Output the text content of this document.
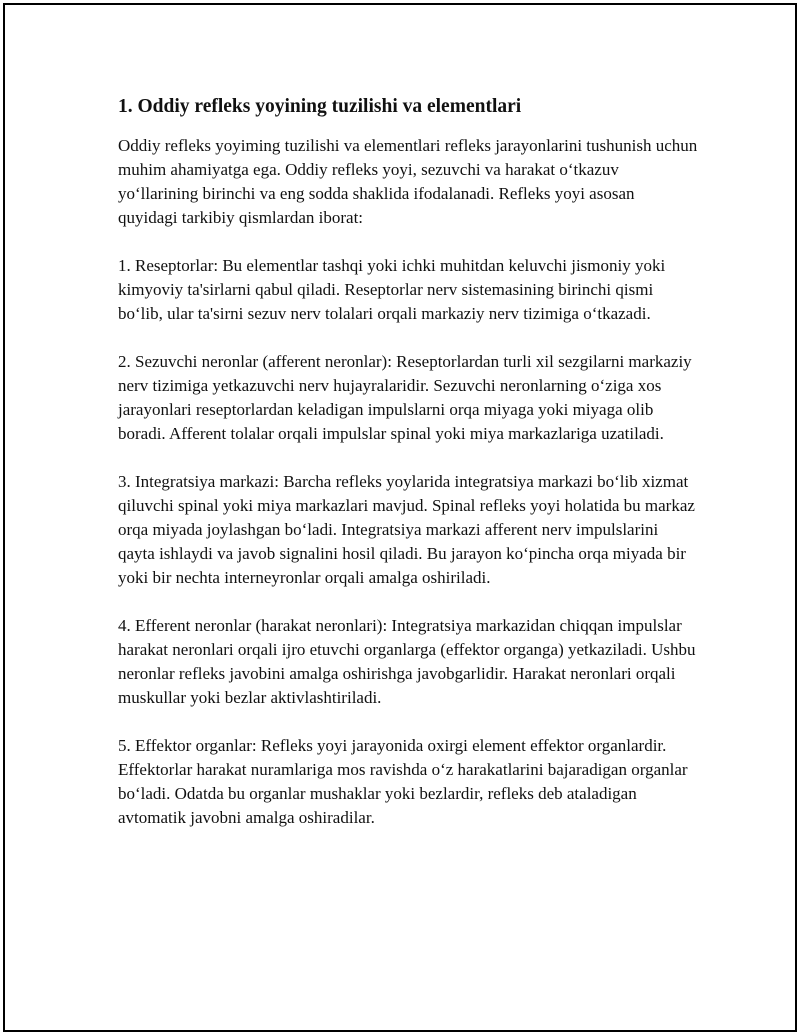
1. Oddiy refleks yoyining tuzilishi va elementlari

Oddiy refleks yoyiming tuzilishi va elementlari refleks jarayonlarini tushunish uchun muhim ahamiyatga ega. Oddiy refleks yoyi, sezuvchi va harakat o‘tkazuv yo‘llarining birinchi va eng sodda shaklida ifodalanadi. Refleks yoyi asosan quyidagi tarkibiy qismlardan iborat:

1. Reseptorlar: Bu elementlar tashqi yoki ichki muhitdan keluvchi jismoniy yoki kimyoviy ta'sirlarni qabul qiladi. Reseptorlar nerv sistemasining birinchi qismi bo‘lib, ular ta'sirni sezuv nerv tolalari orqali markaziy nerv tizimiga o‘tkazadi.

2. Sezuvchi neronlar (afferent neronlar): Reseptorlardan turli xil sezgilarni markaziy nerv tizimiga yetkazuvchi nerv hujayralaridir. Sezuvchi neronlarning o‘ziga xos jarayonlari reseptorlardan keladigan impulslarni orqa miyaga yoki miyaga olib boradi. Afferent tolalar orqali impulslar spinal yoki miya markazlariga uzatiladi.

3. Integratsiya markazi: Barcha refleks yoylarida integratsiya markazi bo‘lib xizmat qiluvchi spinal yoki miya markazlari mavjud. Spinal refleks yoyi holatida bu markaz orqa miyada joylashgan bo‘ladi. Integratsiya markazi afferent nerv impulslarini qayta ishlaydi va javob signalini hosil qiladi. Bu jarayon ko‘pincha orqa miyada bir yoki bir nechta interneyronlar orqali amalga oshiriladi.

4. Efferent neronlar (harakat neronlari): Integratsiya markazidan chiqqan impulslar harakat neronlari orqali ijro etuvchi organlarga (effektor organga) yetkaziladi. Ushbu neronlar refleks javobini amalga oshirishga javobgarlidir. Harakat neronlari orqali muskullar yoki bezlar aktivlashtiriladi.

5. Effektor organlar: Refleks yoyi jarayonida oxirgi element effektor organlardir. Effektorlar harakat nuramlariga mos ravishda o‘z harakatlarini bajaradigan organlar bo‘ladi. Odatda bu organlar mushaklar yoki bezlardir, refleks deb ataladigan avtomatik javobni amalga oshiradilar.
